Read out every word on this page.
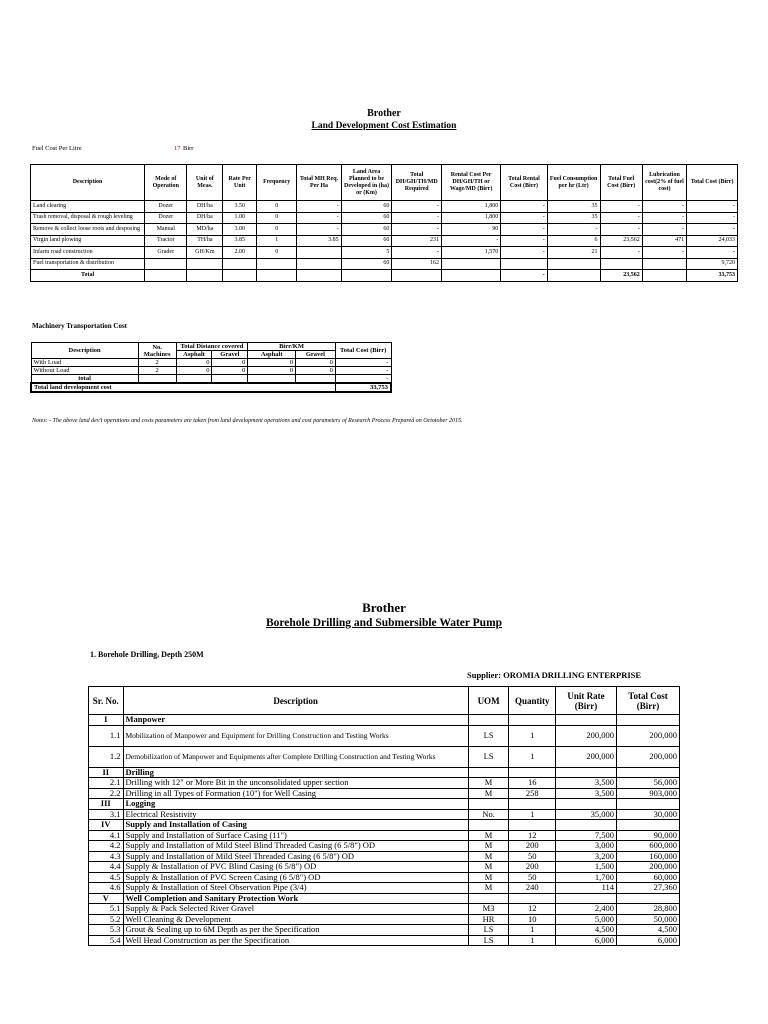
Brother
Land Development Cost Estimation
Fuel Cost Per Litre	17 Birr
Description	Mode of Operation	Unit of Meas.	Rate Per Unit	Frequency	Total MH Req. Per Ha	Land Area Planned to be Developed in (ha) or (Km)	Total DH/GH/TH/MD Required	Rental Cost Per DH/GH/TH or Wage/MD (Birr)	Total Rental Cost (Birr)	Fuel Consumption per hr (Ltr)	Total Fuel Cost (Birr)	Lubrication cost(2% of fuel cost)	Total Cost (Birr)
Land clearing	Dozer	DH/ha	3.50	0	-	60	-	1,800	-	35	-	-	-
Trash removal, disposal & rough leveling	Dozer	DH/ha	1.00	0	-	60	-	1,800	-	35	-	-	-
Remove & collect loose roots and desposing	Manual	MD/ha	3.00	0	-	60	-	90	-	-	-	-	-
Virgin land plowing	Tractor	TH/ha	3.85	1	3.85	60	231	-	-	6	23,562	471	24,033
Infarm road construction	Grader	GH/Km	2.00	0		5	-	1,570	-	21	-	-	-
Fuel transportation & distribution						60	162						9,720
Total									-		23,562		33,753
Machinery Transportation Cost
Description	No. Machines	Total Distance covered		Birr/KM		Total Cost (Birr)
		Asphalt	Gravel	Asphalt	Gravel	
With Load	2	0	0	0	0	-
Without Load	2	0	0	0	0	-
total						-
Total land development cost						33,753
Notes: - The above land dev't operations and costs parameters are taken from land development operations and cost parameters of Research Process Prepared on Octotober 2015.
Brother
Borehole Drilling and Submersible Water Pump
1. Borehole Drilling, Depth 250M
Supplier: OROMIA DRILLING ENTERPRISE
Sr. No.	Description	UOM	Quantity	Unit Rate (Birr)	Total Cost (Birr)
I	Manpower				
1.1	Mobilization of Manpower and Equipment for Drilling Construction and Testing Works	LS	1	200,000	200,000
1.2	Demobilization of Manpower and Equipments after Complete Drilling Construction and Testing Works	LS	1	200,000	200,000
II	Drilling				
2.1	Drilling with 12" or More Bit in the unconsolidated upper section	M	16	3,500	56,000
2.2	Drilling in all Types of Formation (10") for Well Casing	M	258	3,500	903,000
III	Logging				
3.1	Electrical Resistivity	No.	1	35,000	30,000
IV	Supply and Installation of Casing				
4.1	Supply and Installation of Surface Casing (11")	M	12	7,500	90,000
4.2	Supply and Installation of Mild Steel Blind Threaded Casing (6 5/8") OD	M	200	3,000	600,000
4.3	Supply and Installation of Mild Steel Threaded Casing (6 5/8") OD	M	50	3,200	160,000
4.4	Supply & Installation of PVC Blind Casing (6 5/8") OD	M	200	1,500	200,000
4.5	Supply & Installation of PVC Screen Casing (6 5/8") OD	M	50	1,700	60,000
4.6	Supply & Installation of Steel Observation Pipe (3/4)	M	240	114	27,360
V	Well Completion and Sanitary Protection Work				
5.1	Supply & Pack Selected River Gravel	M3	12	2,400	28,800
5.2	Well Cleaning & Development	HR	10	5,000	50,000
5.3	Grout & Sealing up to 6M Depth as per the Specification	LS	1	4,500	4,500
5.4	Well Head Construction as per the Specification	LS	1	6,000	6,000
